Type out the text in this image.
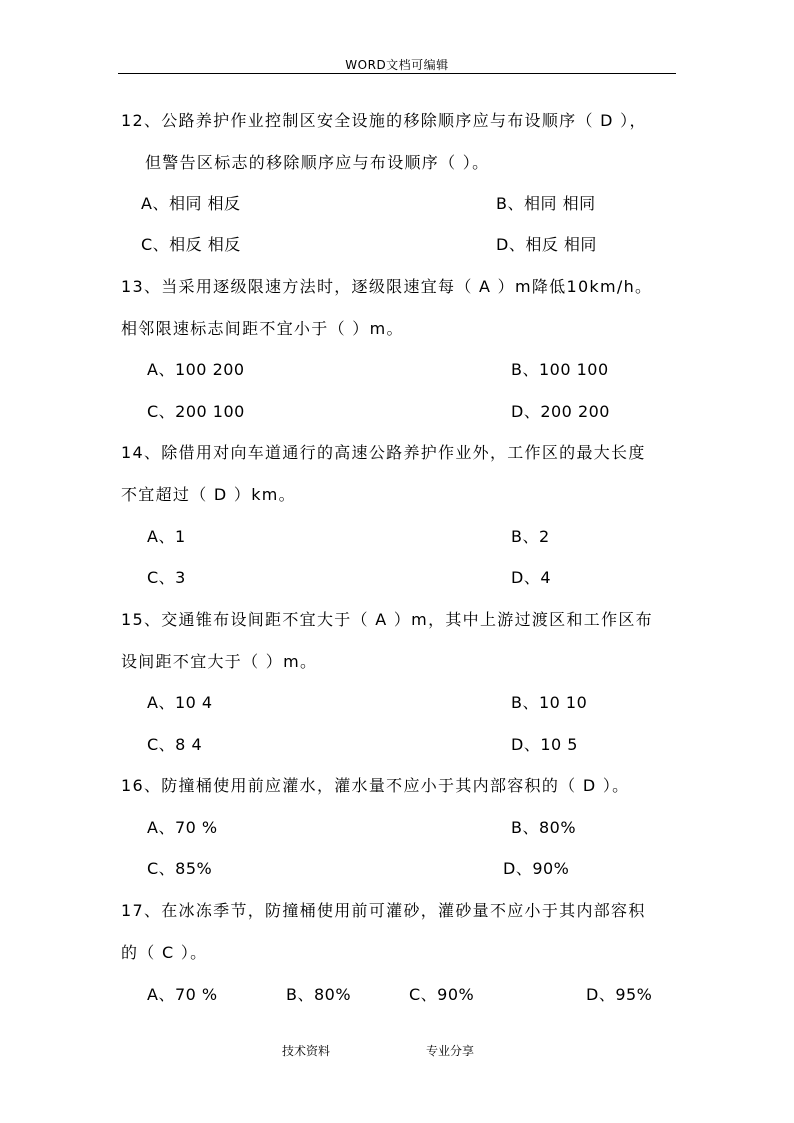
WORD文档可编辑
12、公路养护作业控制区安全设施的移除顺序应与布设顺序（ D ），
但警告区标志的移除顺序应与布设顺序（ ）。
A、相同 相反	B、相同 相同
C、相反 相反	D、相反 相同
13、当采用逐级限速方法时，逐级限速宜每（ A ）m降低10km/h。
相邻限速标志间距不宜小于（ ）m。
A、100 200	B、100 100
C、200 100	D、200 200
14、除借用对向车道通行的高速公路养护作业外，工作区的最大长度
不宜超过（ D ）km。
A、1	B、2
C、3	D、4
15、交通锥布设间距不宜大于（ A ）m，其中上游过渡区和工作区布
设间距不宜大于（ ）m。
A、10 4	B、10 10
C、8 4	D、10 5
16、防撞桶使用前应灌水，灌水量不应小于其内部容积的（ D ）。
A、70 %	B、80%
C、85%	D、90%
17、在冰冻季节，防撞桶使用前可灌砂，灌砂量不应小于其内部容积
的（ C ）。
A、70 %	B、80%	C、90%	D、95%
技术资料	专业分享
